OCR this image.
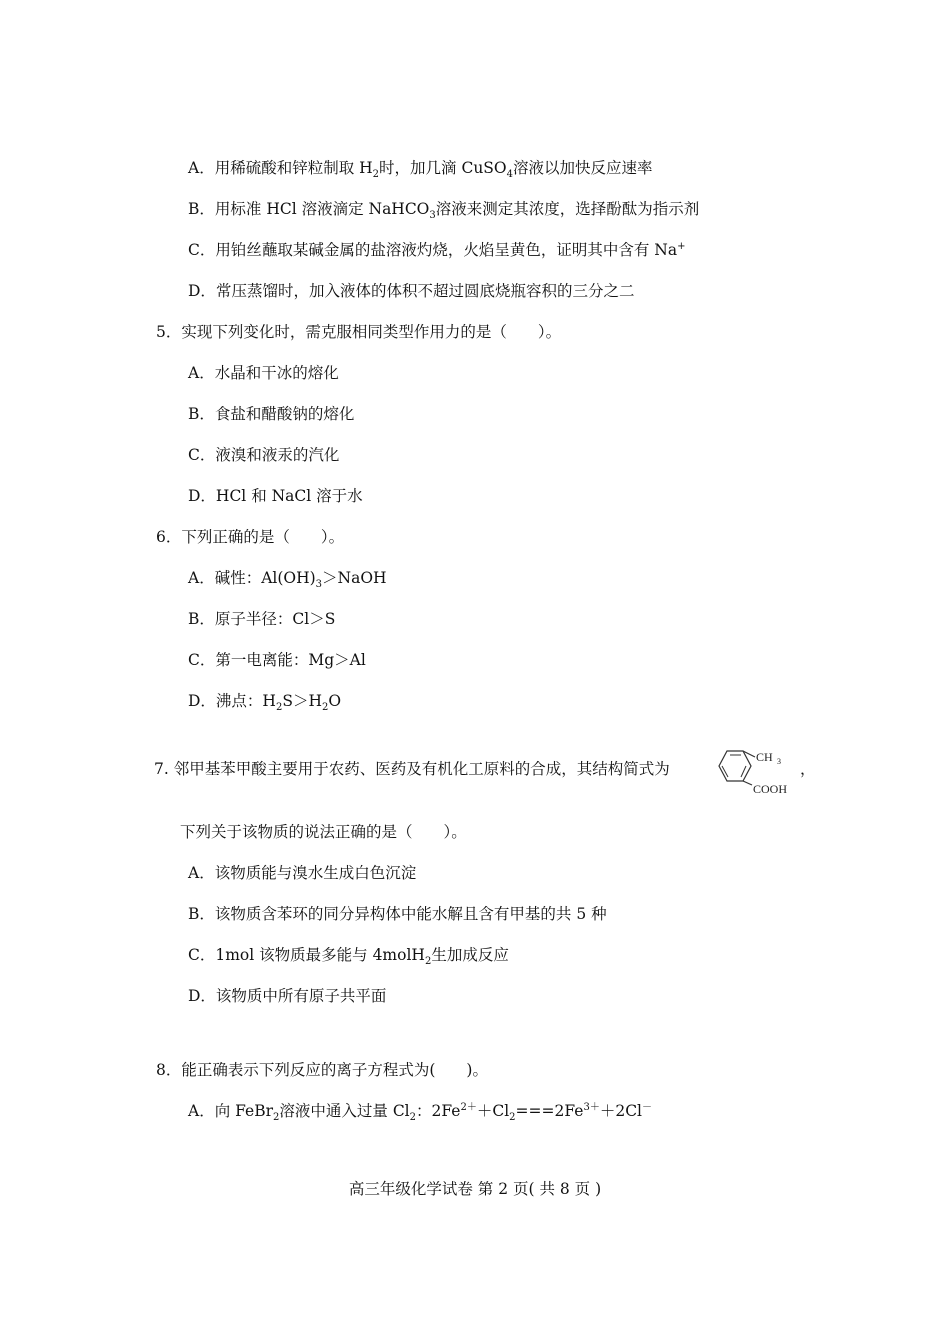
A．用稀硫酸和锌粒制取 $H_2$时，加几滴 CuSO$_4$溶液以加快反应速率
B．用标准 HCl 溶液滴定 NaHCO$_3$溶液来测定其浓度，选择酚酞为指示剂
C．用铂丝蘸取某碱金属的盐溶液灼烧，火焰呈黄色，证明其中含有 Na+
D．常压蒸馏时，加入液体的体积不超过圆底烧瓶容积的三分之二
5．实现下列变化时，需克服相同类型作用力的是（　　）。
A．水晶和干冰的熔化
B．食盐和醋酸钠的熔化
C．液溴和液汞的汽化
D．HCl 和 NaCl 溶于水
6．下列正确的是（　　）。
A．碱性：$Al(OH)_3>NaOH$
B．原子半径：Cl＞S
C．第一电离能：Mg＞Al
D．沸点：$H_2S>H_2O$
7. 邻甲基苯甲酸主要用于农药、医药及有机化工原料的合成，其结构简式为
CH 3
COOH
，
下列关于该物质的说法正确的是（　　）。
A．该物质能与溴水生成白色沉淀
B．该物质含苯环的同分异构体中能水解且含有甲基的共 5 种
C．1mol 该物质最多能与 4molH$_2$生加成反应
D．该物质中所有原子共平面
8．能正确表示下列反应的离子方程式为(　　)。
A．向 FeBr$_2$溶液中通入过量 $Cl_2$：$2Fe^{2+}+Cl_2===2Fe^{3+}+2Cl^-$
高三年级化学试卷 第 2 页( 共 8 页 )
